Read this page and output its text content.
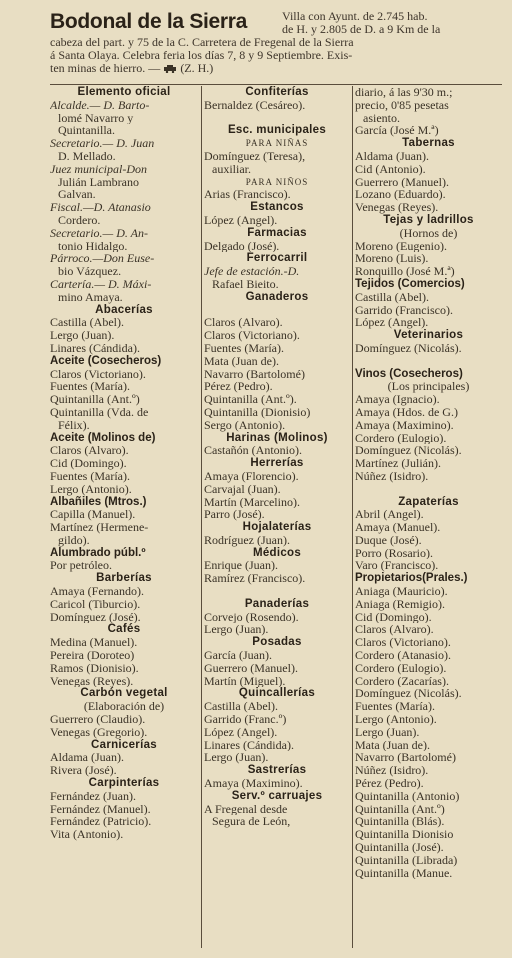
Bodonal de la Sierra	Villa con Ayunt. de 2.745 hab.
de H. y 2.805 de D. a 9 Km de la
cabeza del part. y 75 de la C. Carretera de Fregenal de la Sierra
á Santa Olaya. Celebra feria los días 7, 8 y 9 Septiembre. Exis-
ten minas de hierro. — (Z. H.)
Elemento oficial
Alcalde.— D. Barto-
lomé Navarro y
Quintanilla.
Secretario.— D. Juan
D. Mellado.
Juez municipal-Don
Julián Lambrano
Galvan.
Fiscal.—D. Atanasio
Cordero.
Secretario.— D. An-
tonio Hidalgo.
Párroco.—Don Euse-
bio Vázquez.
Cartería.— D. Máxi-
mino Amaya.
Abacerías
Castilla (Abel).
Lergo (Juan).
Linares (Cándida).
Aceite (Cosecheros)
Claros (Victoriano).
Fuentes (María).
Quintanilla (Ant.º)
Quintanilla (Vda. de
Félix).
Aceite (Molinos de)
Claros (Alvaro).
Cid (Domingo).
Fuentes (María).
Lergo (Antonio).
Albañiles (Mtros.)
Capilla (Manuel).
Martínez (Hermene-
gildo).
Alumbrado públ.º
Por petróleo.
Barberías
Amaya (Fernando).
Caricol (Tiburcio).
Domínguez (José).
Cafés
Medina (Manuel).
Pereira (Doroteo)
Ramos (Dionisio).
Venegas (Reyes).
Carbón vegetal
(Elaboración de)
Guerrero (Claudio).
Venegas (Gregorio).
Carnicerías
Aldama (Juan).
Rivera (José).
Carpinterías
Fernández (Juan).
Fernández (Manuel).
Fernández (Patricio).
Vita (Antonio).
Confiterías
Bernaldez (Cesáreo).
Esc. municipales
PARA NIÑAS
Domínguez (Teresa),
auxiliar.
PARA NIÑOS
Arias (Francisco).
Estancos
López (Angel).
Farmacias
Delgado (José).
Ferrocarril
Jefe de estación.-D.
Rafael Bieito.
Ganaderos
Claros (Alvaro).
Claros (Victoriano).
Fuentes (María).
Mata (Juan de).
Navarro (Bartolomé)
Pérez (Pedro).
Quintanilla (Ant.º).
Quintanilla (Dionisio)
Sergo (Antonio).
Harinas (Molinos)
Castañón (Antonio).
Herrerías
Amaya (Florencio).
Carvajal (Juan).
Martín (Marcelino).
Parro (José).
Hojalaterías
Rodríguez (Juan).
Médicos
Enrique (Juan).
Ramírez (Francisco).
Panaderías
Corvejo (Rosendo).
Lergo (Juan).
Posadas
García (Juan).
Guerrero (Manuel).
Martín (Miguel).
Quincallerías
Castilla (Abel).
Garrido (Franc.º)
López (Angel).
Linares (Cándida).
Lergo (Juan).
Sastrerías
Amaya (Maximino).
Serv.º carruajes
A Fregenal desde
Segura de León,
diario, á las 9'30 m.;
precio, 0'85 pesetas
asiento.
García (José M.ª)
Tabernas
Aldama (Juan).
Cid (Antonio).
Guerrero (Manuel).
Lozano (Eduardo).
Venegas (Reyes).
Tejas y ladrillos
(Hornos de)
Moreno (Eugenio).
Moreno (Luis).
Ronquillo (José M.ª)
Tejidos (Comercios)
Castilla (Abel).
Garrido (Francisco).
López (Angel).
Veterinarios
Domínguez (Nicolás).
Vinos (Cosecheros)
(Los principales)
Amaya (Ignacio).
Amaya (Hdos. de G.)
Amaya (Maximino).
Cordero (Eulogio).
Domínguez (Nicolás).
Martínez (Julián).
Núñez (Isidro).
Zapaterías
Abril (Angel).
Amaya (Manuel).
Duque (José).
Porro (Rosario).
Varo (Francisco).
Propietarios(Prales.)
Aniaga (Mauricio).
Aniaga (Remigio).
Cid (Domingo).
Claros (Alvaro).
Claros (Victoriano).
Cordero (Atanasio).
Cordero (Eulogio).
Cordero (Zacarías).
Domínguez (Nicolás).
Fuentes (María).
Lergo (Antonio).
Lergo (Juan).
Mata (Juan de).
Navarro (Bartolomé)
Núñez (Isidro).
Pérez (Pedro).
Quintanilla (Antonio)
Quintanilla (Ant.º)
Quintanilla (Blás).
Quintanilla Dionisio
Quintanilla (José).
Quintanilla (Librada)
Quintanilla (Manue.
